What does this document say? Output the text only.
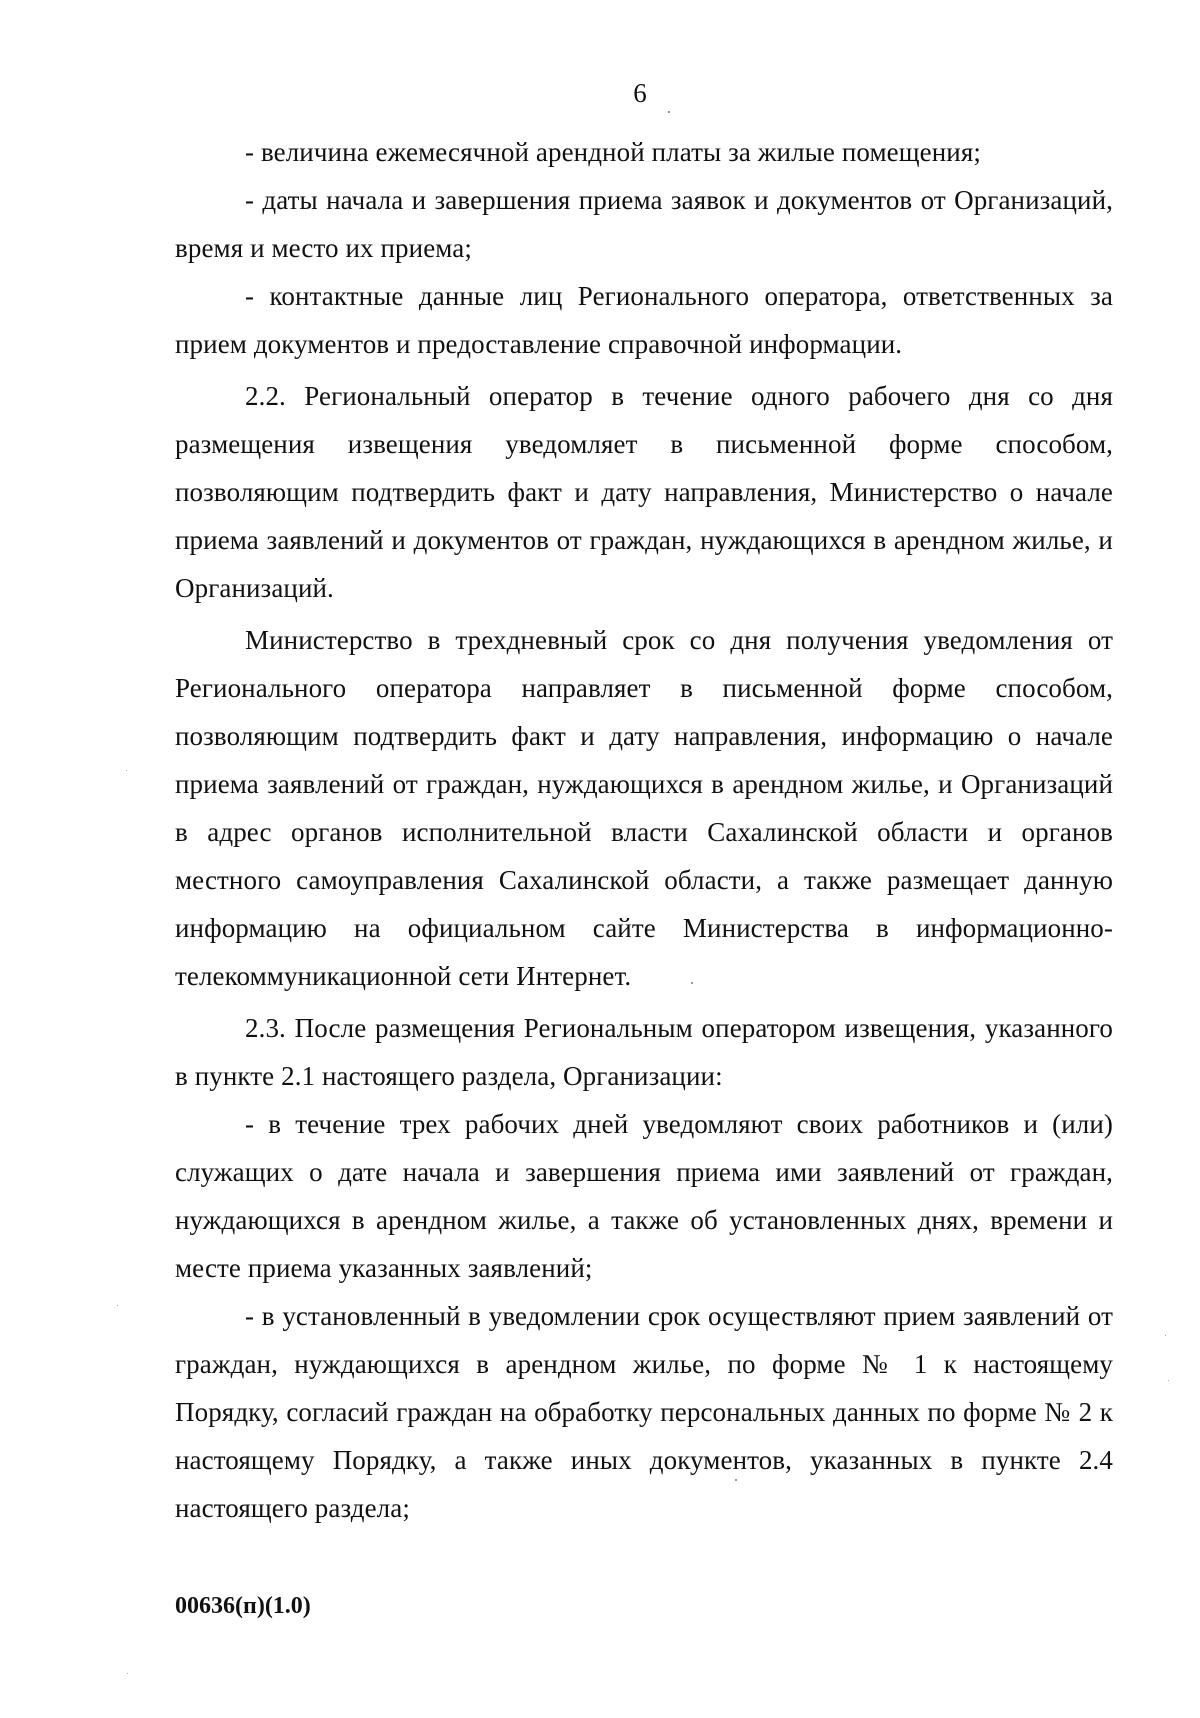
6

- величина ежемесячной арендной платы за жилые помещения;

- даты начала и завершения приема заявок и документов от Организаций, время и место их приема;

- контактные данные лиц Регионального оператора, ответственных за прием документов и предоставление справочной информации.

2.2. Региональный оператор в течение одного рабочего дня со дня размещения извещения уведомляет в письменной форме способом, позволяющим подтвердить факт и дату направления, Министерство о начале приема заявлений и документов от граждан, нуждающихся в арендном жилье, и Организаций.

Министерство в трехдневный срок со дня получения уведомления от Регионального оператора направляет в письменной форме способом, позволяющим подтвердить факт и дату направления, информацию о начале приема заявлений от граждан, нуждающихся в арендном жилье, и Организаций в адрес органов исполнительной власти Сахалинской области и органов местного самоуправления Сахалинской области, а также размещает данную информацию на официальном сайте Министерства в информационно-телекоммуникационной сети Интернет.

2.3. После размещения Региональным оператором извещения, указанного в пункте 2.1 настоящего раздела, Организации:

- в течение трех рабочих дней уведомляют своих работников и (или) служащих о дате начала и завершения приема ими заявлений от граждан, нуждающихся в арендном жилье, а также об установленных днях, времени и месте приема указанных заявлений;

- в установленный в уведомлении срок осуществляют прием заявлений от граждан, нуждающихся в арендном жилье, по форме № 1 к настоящему Порядку, согласий граждан на обработку персональных данных по форме № 2 к настоящему Порядку, а также иных документов, указанных в пункте 2.4 настоящего раздела;

00636(п)(1.0)
